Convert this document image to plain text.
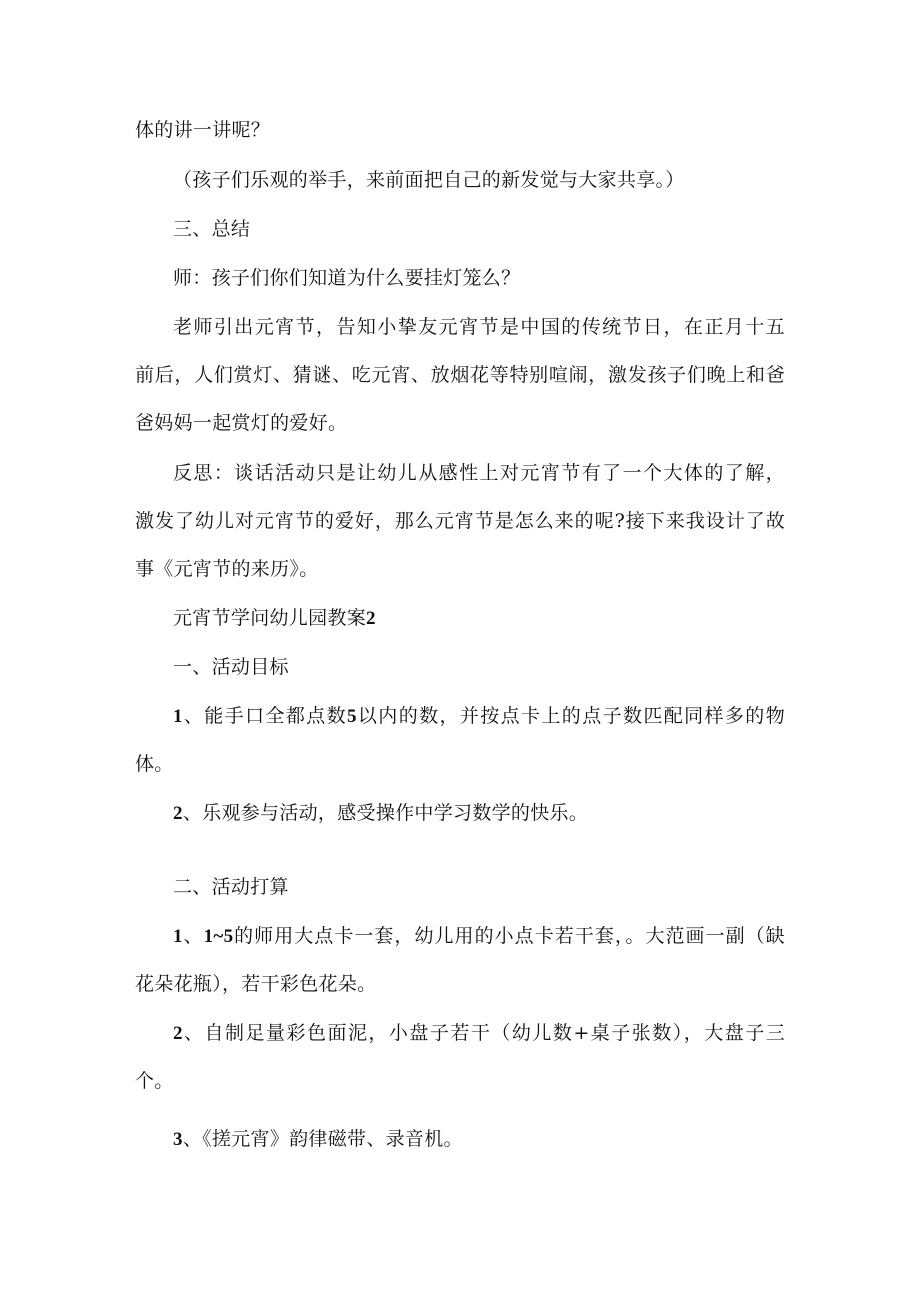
体的讲一讲呢？
（孩子们乐观的举手，来前面把自己的新发觉与大家共享。）
三、总结
师：孩子们你们知道为什么要挂灯笼么？
老师引出元宵节，告知小挚友元宵节是中国的传统节日，在正月十五
前后，人们赏灯、猜谜、吃元宵、放烟花等特别喧闹，激发孩子们晚上和爸
爸妈妈一起赏灯的爱好。
反思：谈话活动只是让幼儿从感性上对元宵节有了一个大体的了解，
激发了幼儿对元宵节的爱好，那么元宵节是怎么来的呢?接下来我设计了故
事《元宵节的来历》。
元宵节学问幼儿园教案2
一、活动目标
1、能手口全都点数5以内的数，并按点卡上的点子数匹配同样多的物
体。
2、乐观参与活动，感受操作中学习数学的快乐。
二、活动打算
1、1~5的师用大点卡一套，幼儿用的小点卡若干套，。大范画一副（缺
花朵花瓶），若干彩色花朵。
2、自制足量彩色面泥，小盘子若干（幼儿数+桌子张数），大盘子三
个。
3、《搓元宵》韵律磁带、录音机。
